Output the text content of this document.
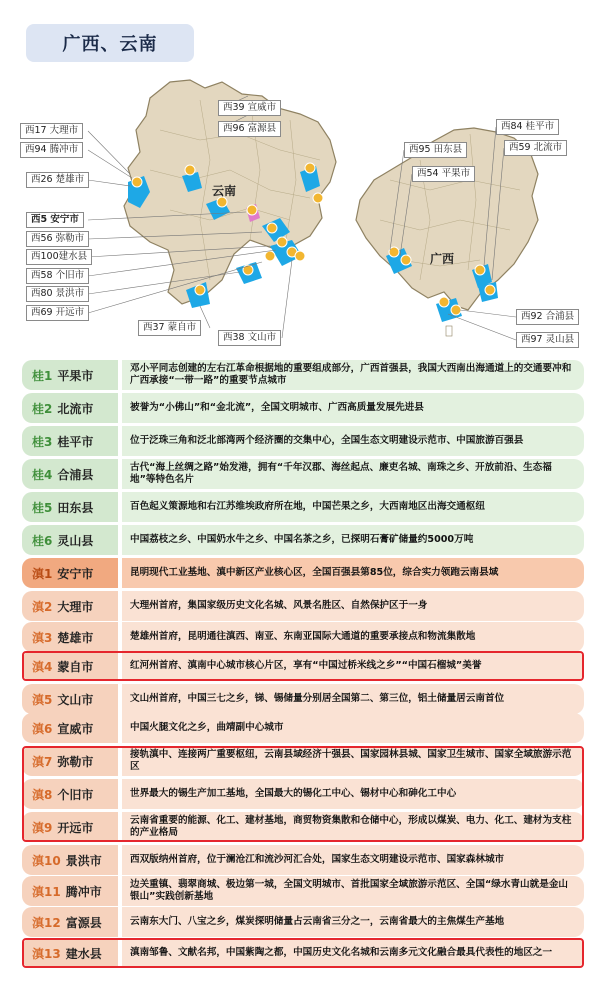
广西、云南
云南
广西
西39 宣威市
西96 富源县
西17 大理市
西94 腾冲市
西26 楚雄市
西5 安宁市
西56 弥勒市
西100建水县
西58 个旧市
西80 景洪市
西69 开远市
西37 蒙自市
西38 文山市
西95 田东县
西54 平果市
西84 桂平市
西59 北流市
西92 合浦县
西97 灵山县
桂1 平果市	邓小平同志创建的左右江革命根据地的重要组成部分，广西首强县，我国大西南出海通道上的交通要冲和广西承接“一带一路”的重要节点城市
桂2 北流市	被誉为“小佛山”和“金北流”，全国文明城市、广西高质量发展先进县
桂3 桂平市	位于泛珠三角和泛北部湾两个经济圈的交集中心，全国生态文明建设示范市、中国旅游百强县
桂4 合浦县	古代“海上丝绸之路”始发港，拥有“千年汉郡、海丝起点、廉吏名城、南珠之乡、开放前沿、生态福地”等特色名片
桂5 田东县	百色起义策源地和右江苏维埃政府所在地，中国芒果之乡，大西南地区出海交通枢纽
桂6 灵山县	中国荔枝之乡、中国奶水牛之乡、中国名茶之乡，已探明石膏矿储量约5000万吨
滇1 安宁市	昆明现代工业基地、滇中新区产业核心区，全国百强县第85位，综合实力领跑云南县域
滇2 大理市	大理州首府，集国家级历史文化名城、风景名胜区、自然保护区于一身
滇3 楚雄市	楚雄州首府，昆明通往滇西、南亚、东南亚国际大通道的重要承接点和物流集散地
滇4 蒙自市	红河州首府、滇南中心城市核心片区，享有“中国过桥米线之乡”“中国石榴城”美誉
滇5 文山市	文山州首府，中国三七之乡，锑、锡储量分别居全国第二、第三位，铝土储量居云南首位
滇6 宣威市	中国火腿文化之乡，曲靖副中心城市
滇7 弥勒市	接轨滇中、连接两广重要枢纽，云南县域经济十强县、国家园林县城、国家卫生城市、国家全域旅游示范区
滇8 个旧市	世界最大的锡生产加工基地，全国最大的锡化工中心、锡材中心和砷化工中心
滇9 开远市	云南省重要的能源、化工、建材基地，商贸物资集散和仓储中心，形成以煤炭、电力、化工、建材为支柱的产业格局
滇10 景洪市	西双版纳州首府，位于澜沧江和流沙河汇合处，国家生态文明建设示范市、国家森林城市
滇11 腾冲市	边关重镇、翡翠商城、极边第一城，全国文明城市、首批国家全域旅游示范区、全国“绿水青山就是金山银山”实践创新基地
滇12 富源县	云南东大门、八宝之乡，煤炭探明储量占云南省三分之一，云南省最大的主焦煤生产基地
滇13 建水县	滇南邹鲁、文献名邦，中国紫陶之都，中国历史文化名城和云南多元文化融合最具代表性的地区之一
